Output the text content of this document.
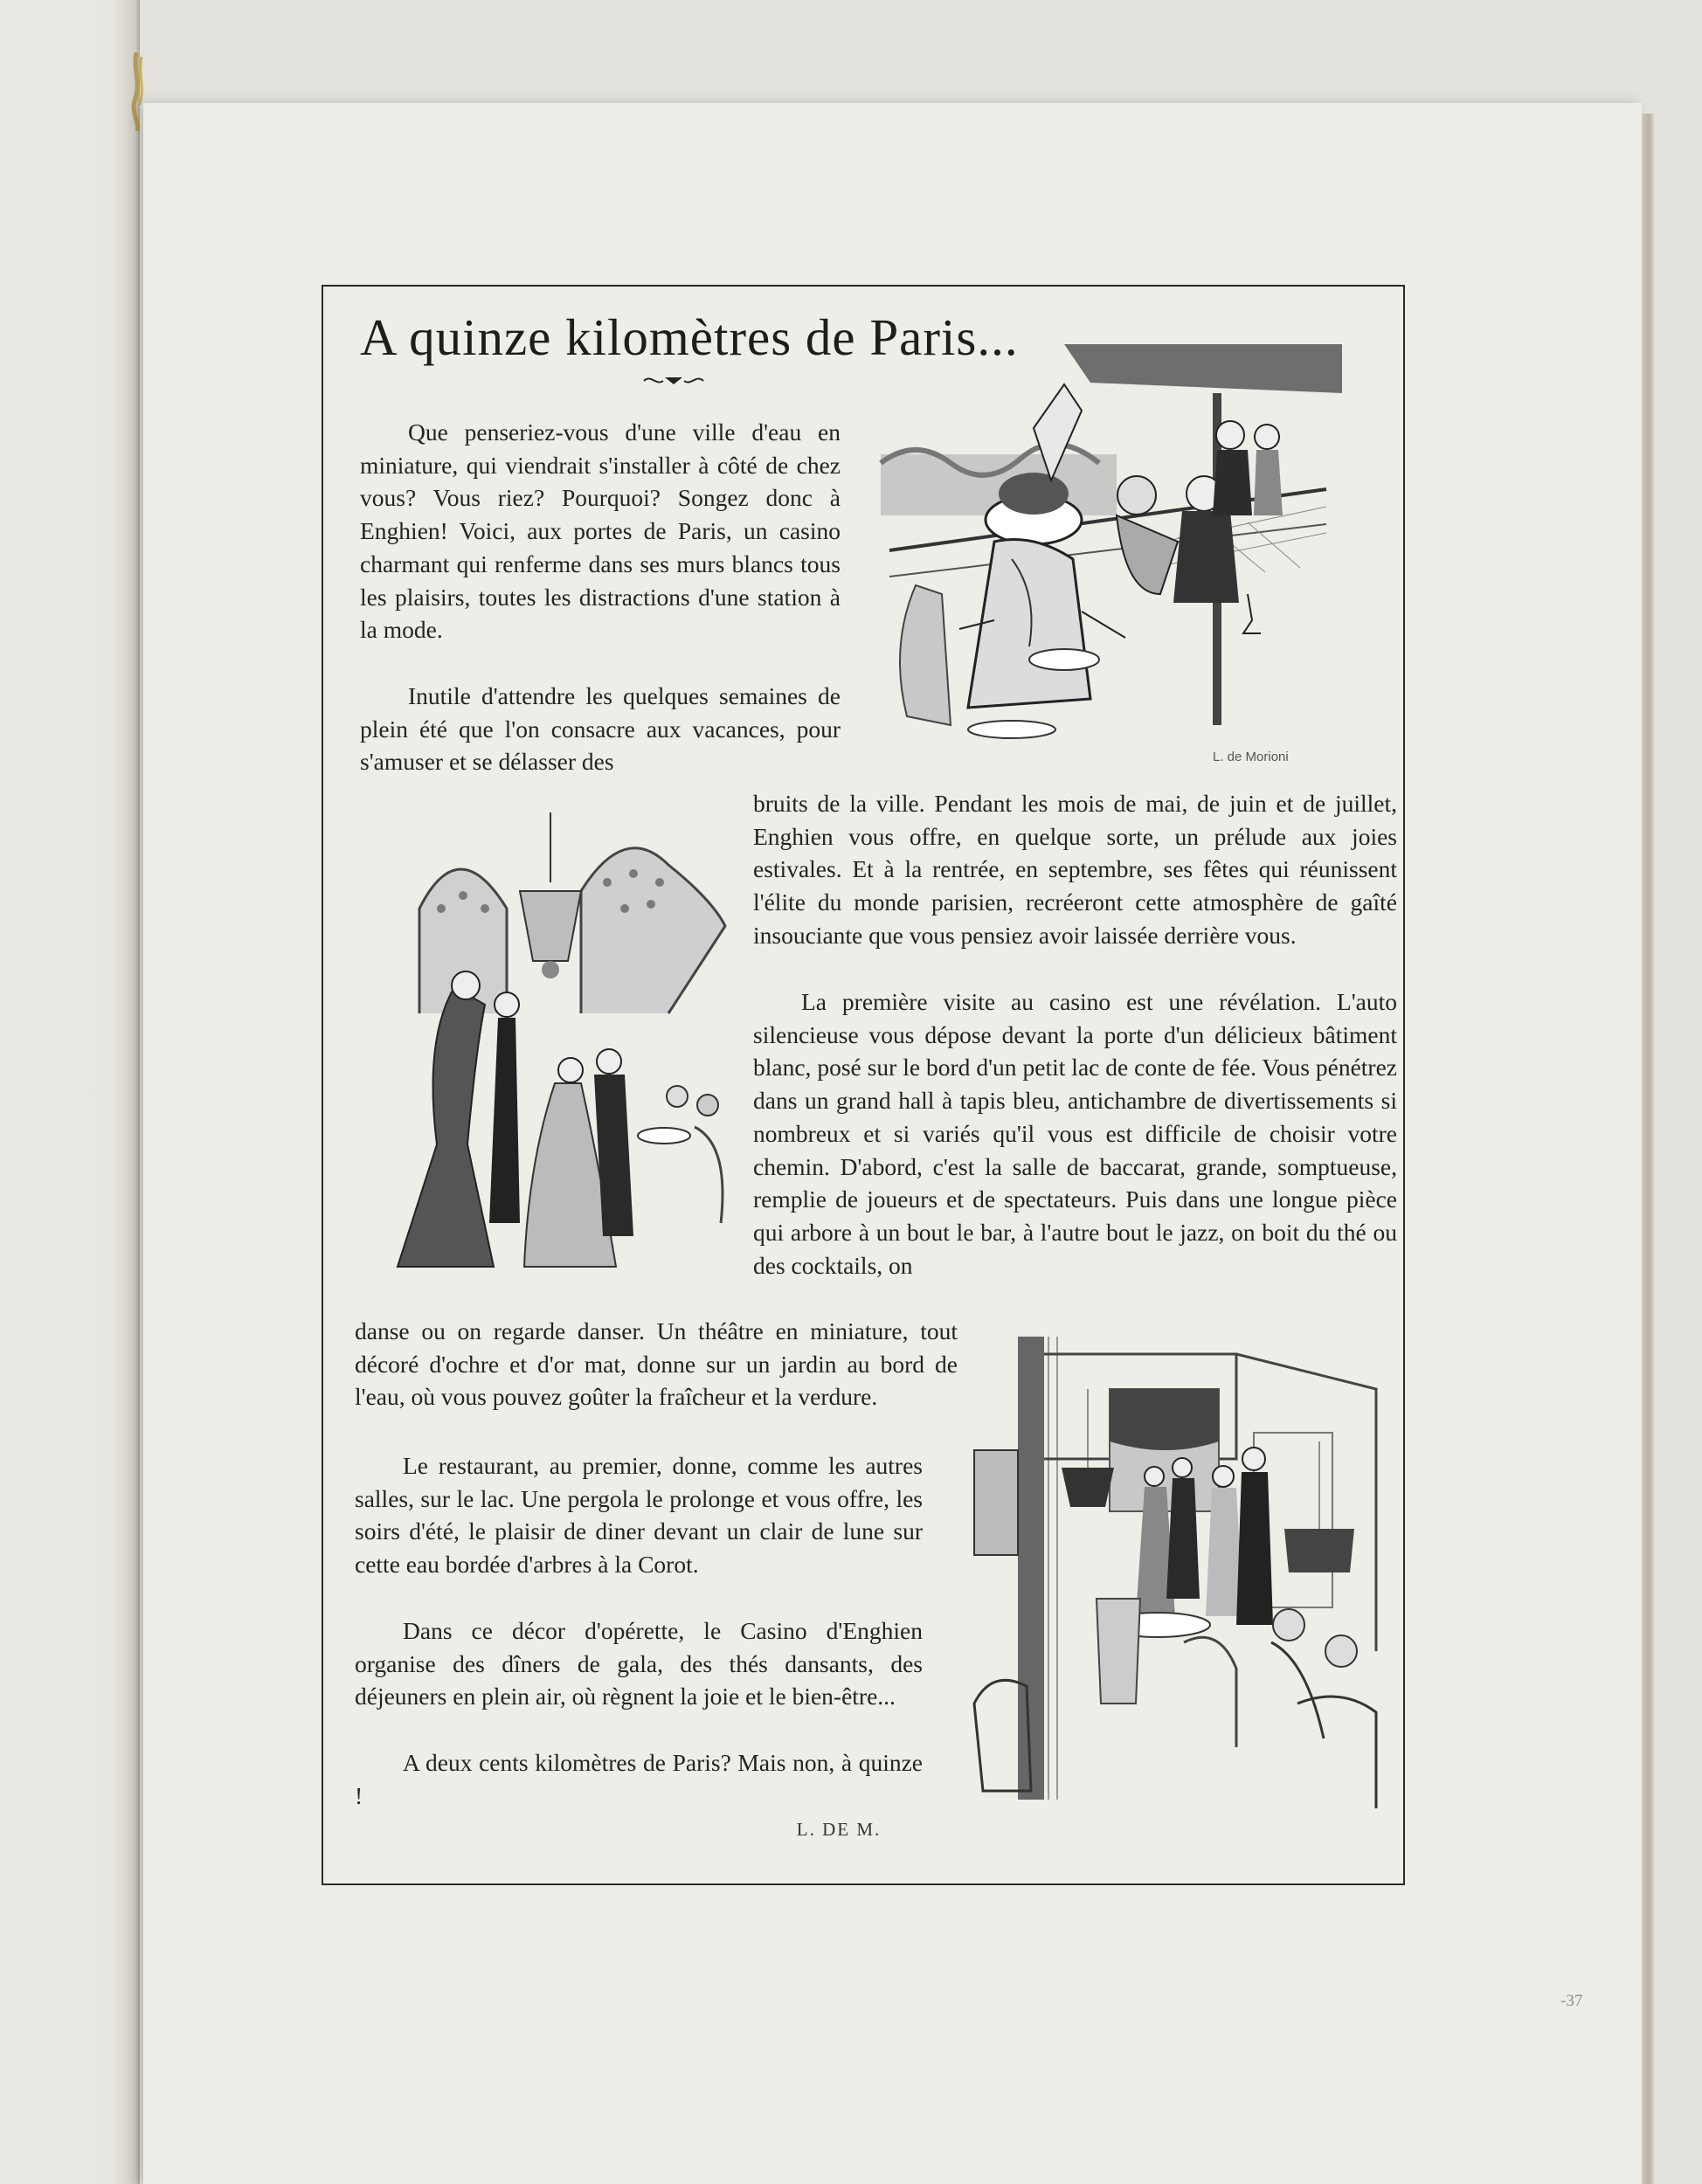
A quinze kilomètres de Paris...
L. de Morioni

Que penseriez-vous d'une ville d'eau en miniature, qui viendrait s'installer à côté de chez vous? Vous riez? Pourquoi? Songez donc à Enghien! Voici, aux portes de Paris, un casino charmant qui renferme dans ses murs blancs tous les plaisirs, toutes les distractions d'une station à la mode.

Inutile d'attendre les quelques semaines de plein été que l'on consacre aux vacances, pour s'amuser et se délasser des

bruits de la ville. Pendant les mois de mai, de juin et de juillet, Enghien vous offre, en quelque sorte, un prélude aux joies estivales. Et à la rentrée, en septembre, ses fêtes qui réunissent l'élite du monde parisien, recréeront cette atmosphère de gaîté insouciante que vous pensiez avoir laissée derrière vous.

La première visite au casino est une révélation. L'auto silencieuse vous dépose devant la porte d'un délicieux bâtiment blanc, posé sur le bord d'un petit lac de conte de fée. Vous pénétrez dans un grand hall à tapis bleu, antichambre de divertissements si nombreux et si variés qu'il vous est difficile de choisir votre chemin. D'abord, c'est la salle de baccarat, grande, somptueuse, remplie de joueurs et de spectateurs. Puis dans une longue pièce qui arbore à un bout le bar, à l'autre bout le jazz, on boit du thé ou des cocktails, on

danse ou on regarde danser. Un théâtre en miniature, tout décoré d'ochre et d'or mat, donne sur un jardin au bord de l'eau, où vous pouvez goûter la fraîcheur et la verdure.

Le restaurant, au premier, donne, comme les autres salles, sur le lac. Une pergola le prolonge et vous offre, les soirs d'été, le plaisir de diner devant un clair de lune sur cette eau bordée d'arbres à la Corot.

Dans ce décor d'opérette, le Casino d'Enghien organise des dîners de gala, des thés dansants, des déjeuners en plein air, où règnent la joie et le bien-être...

A deux cents kilomètres de Paris? Mais non, à quinze !

L. DE M.
-37
